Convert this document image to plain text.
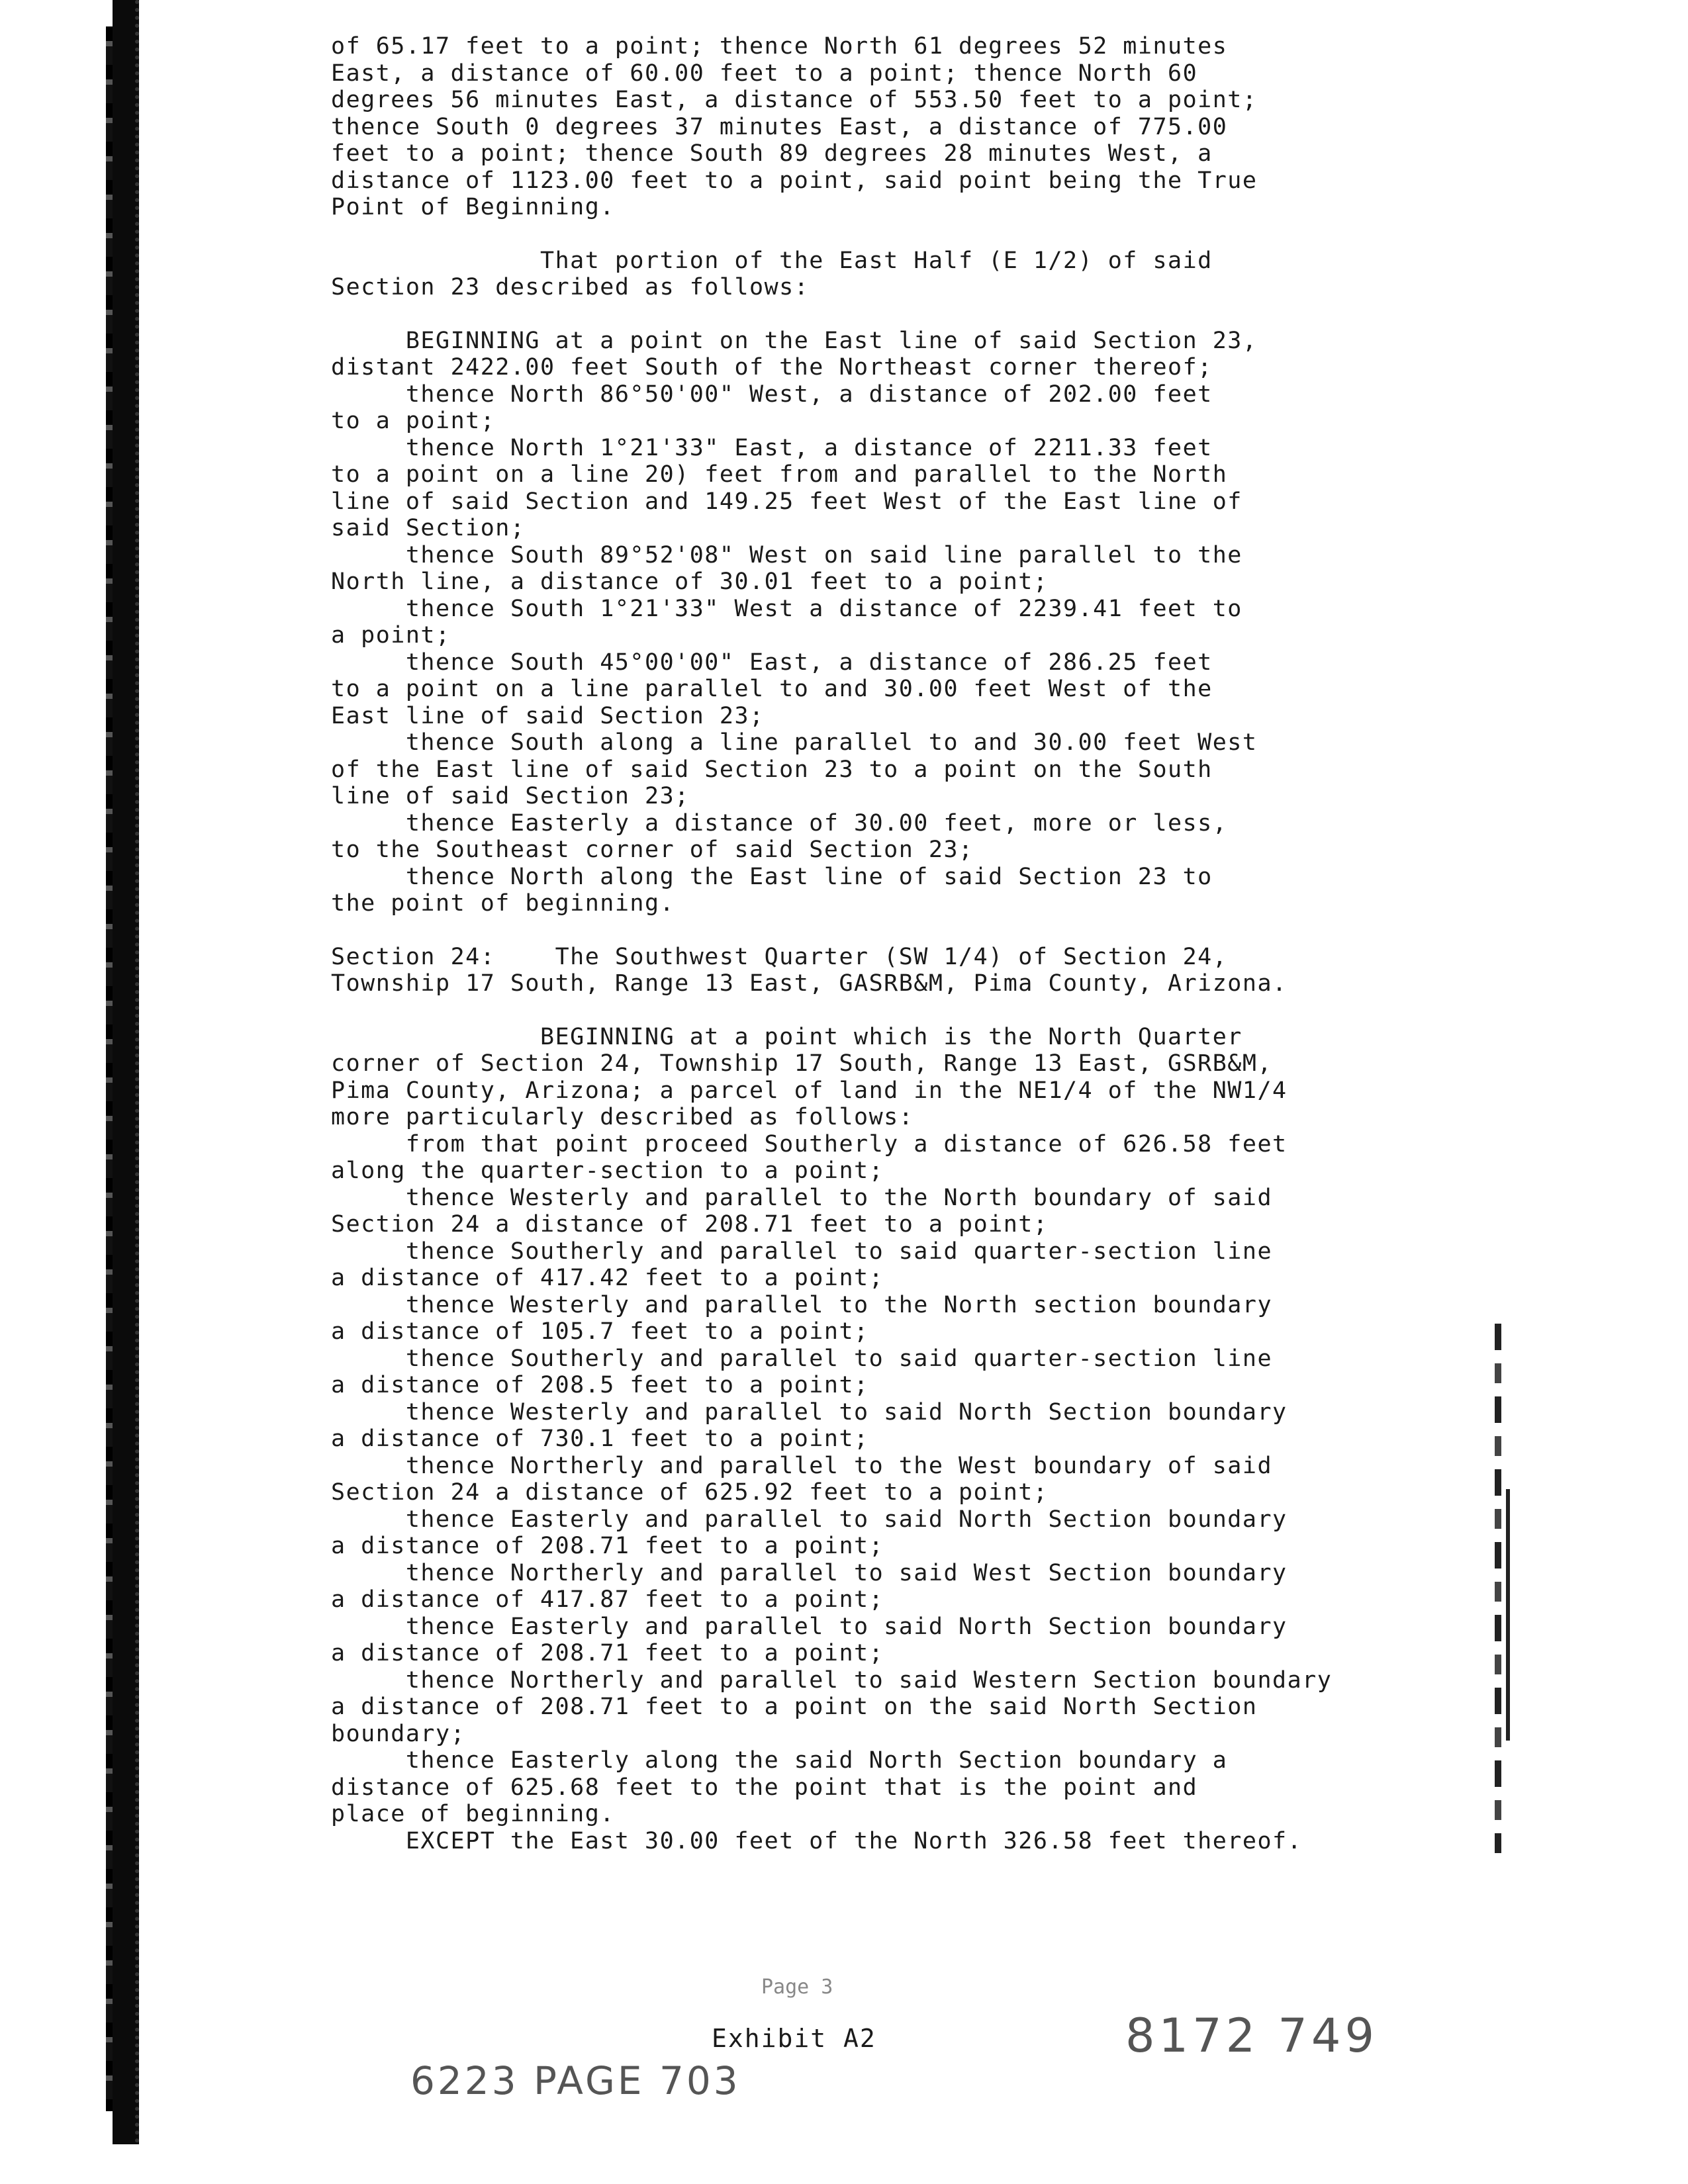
of 65.17 feet to a point; thence North 61 degrees 52 minutes
East, a distance of 60.00 feet to a point; thence North 60
degrees 56 minutes East, a distance of 553.50 feet to a point;
thence South 0 degrees 37 minutes East, a distance of 775.00
feet to a point; thence South 89 degrees 28 minutes West, a
distance of 1123.00 feet to a point, said point being the True
Point of Beginning.
That portion of the East Half (E 1/2) of said
Section 23 described as follows:
BEGINNING at a point on the East line of said Section 23,
distant 2422.00 feet South of the Northeast corner thereof;
thence North 86°50'00" West, a distance of 202.00 feet
to a point;
thence North 1°21'33" East, a distance of 2211.33 feet
to a point on a line 20) feet from and parallel to the North
line of said Section and 149.25 feet West of the East line of
said Section;
thence South 89°52'08" West on said line parallel to the
North line, a distance of 30.01 feet to a point;
thence South 1°21'33" West a distance of 2239.41 feet to
a point;
thence South 45°00'00" East, a distance of 286.25 feet
to a point on a line parallel to and 30.00 feet West of the
East line of said Section 23;
thence South along a line parallel to and 30.00 feet West
of the East line of said Section 23 to a point on the South
line of said Section 23;
thence Easterly a distance of 30.00 feet, more or less,
to the Southeast corner of said Section 23;
thence North along the East line of said Section 23 to
the point of beginning.
Section 24:    The Southwest Quarter (SW 1/4) of Section 24,
Township 17 South, Range 13 East, GASRB&M, Pima County, Arizona.
BEGINNING at a point which is the North Quarter
corner of Section 24, Township 17 South, Range 13 East, GSRB&M,
Pima County, Arizona; a parcel of land in the NE1/4 of the NW1/4
more particularly described as follows:
from that point proceed Southerly a distance of 626.58 feet
along the quarter-section to a point;
thence Westerly and parallel to the North boundary of said
Section 24 a distance of 208.71 feet to a point;
thence Southerly and parallel to said quarter-section line
a distance of 417.42 feet to a point;
thence Westerly and parallel to the North section boundary
a distance of 105.7 feet to a point;
thence Southerly and parallel to said quarter-section line
a distance of 208.5 feet to a point;
thence Westerly and parallel to said North Section boundary
a distance of 730.1 feet to a point;
thence Northerly and parallel to the West boundary of said
Section 24 a distance of 625.92 feet to a point;
thence Easterly and parallel to said North Section boundary
a distance of 208.71 feet to a point;
thence Northerly and parallel to said West Section boundary
a distance of 417.87 feet to a point;
thence Easterly and parallel to said North Section boundary
a distance of 208.71 feet to a point;
thence Northerly and parallel to said Western Section boundary
a distance of 208.71 feet to a point on the said North Section
boundary;
thence Easterly along the said North Section boundary a
distance of 625.68 feet to the point that is the point and
place of beginning.
EXCEPT the East 30.00 feet of the North 326.58 feet thereof.
Page 3
Exhibit A2
6223 PAGE 703
8172 749
